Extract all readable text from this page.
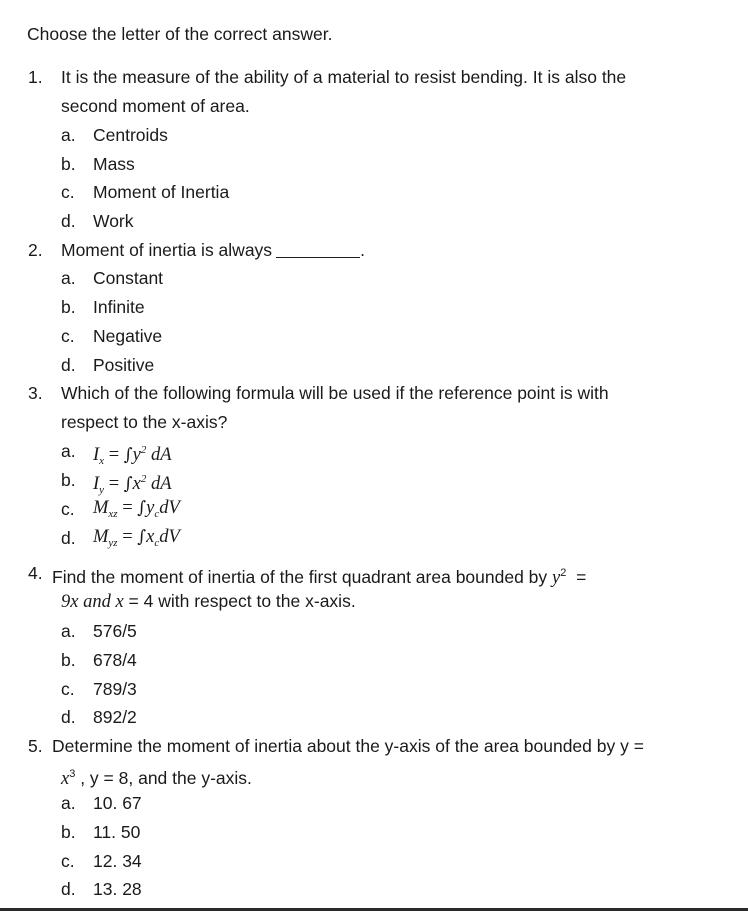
Choose the letter of the correct answer.
1. It is the measure of the ability of a material to resist bending. It is also the
second moment of area.
a. Centroids
b. Mass
c. Moment of Inertia
d. Work
2. Moment of inertia is always	.
a. Constant
b. Infinite
c. Negative
d. Positive
3. Which of the following formula will be used if the reference point is with
respect to the x-axis?
a. $I_x = \int y^2$ dA
b. $I_y = \int x^2$ dA
c. $M_{xz} = \int y_cdV$
d. $M_{yz} = \int x_cdV$
4. Find the moment of inertia of the first quadrant area bounded by $y^2$ =
9x and x = 4 with respect to the x-axis.
a. 576/5
b. 678/4
c. 789/3
d. 892/2
5. Determine the moment of inertia about the y-axis of the area bounded by y =
$x^3$ , y = 8, and the y-axis.
a. 10. 67
b. 11. 50
c. 12. 34
d. 13. 28
